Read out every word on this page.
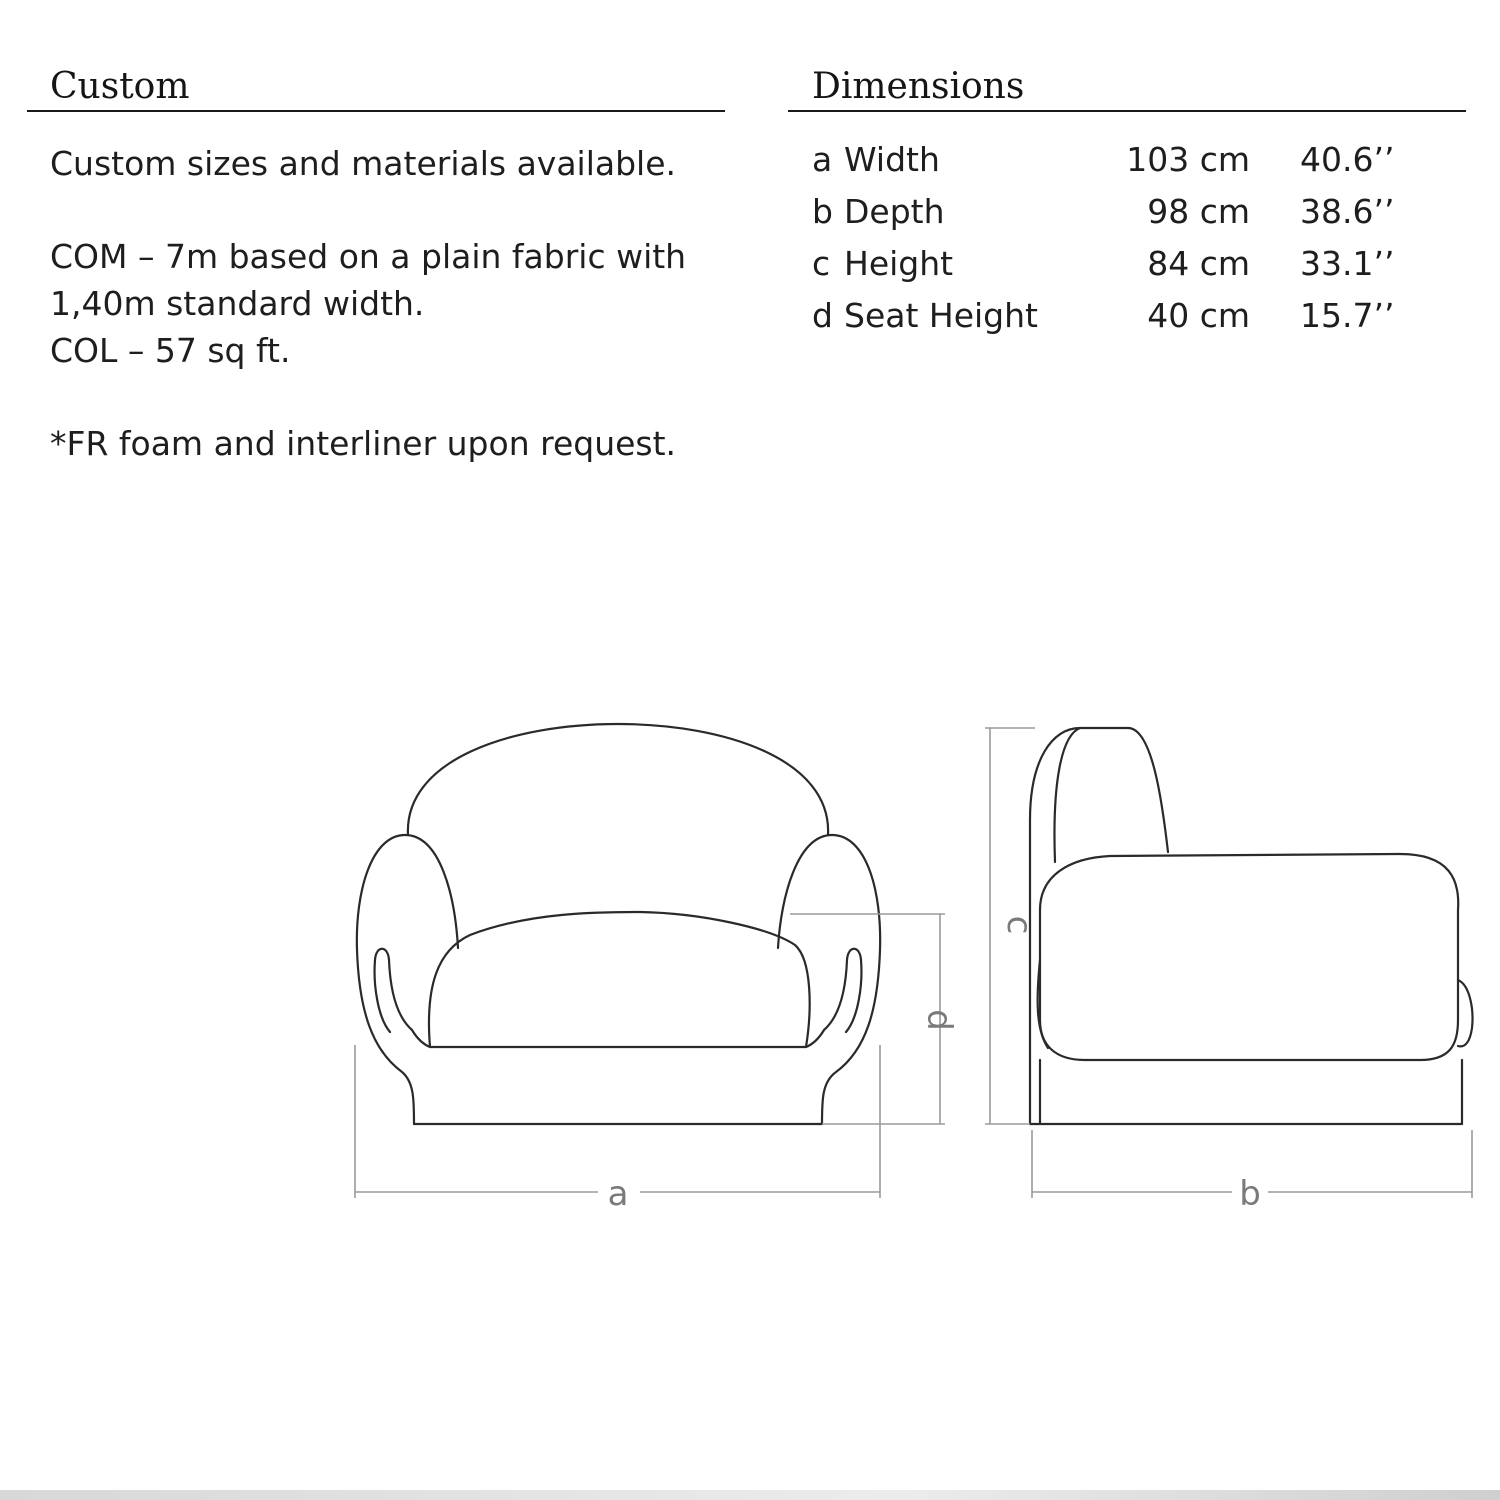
Custom

Custom sizes and materials available.

COM – 7m based on a plain fabric with

1,40m standard width.

COL – 57 sq ft.

*FR foam and interliner upon request.

Dimensions
a Width	103 cm 40.6’’
b Depth	98 cm 38.6’’
c Height	84 cm 33.1’’
d Seat Height	40 cm 15.7’’
a	b
c
d
